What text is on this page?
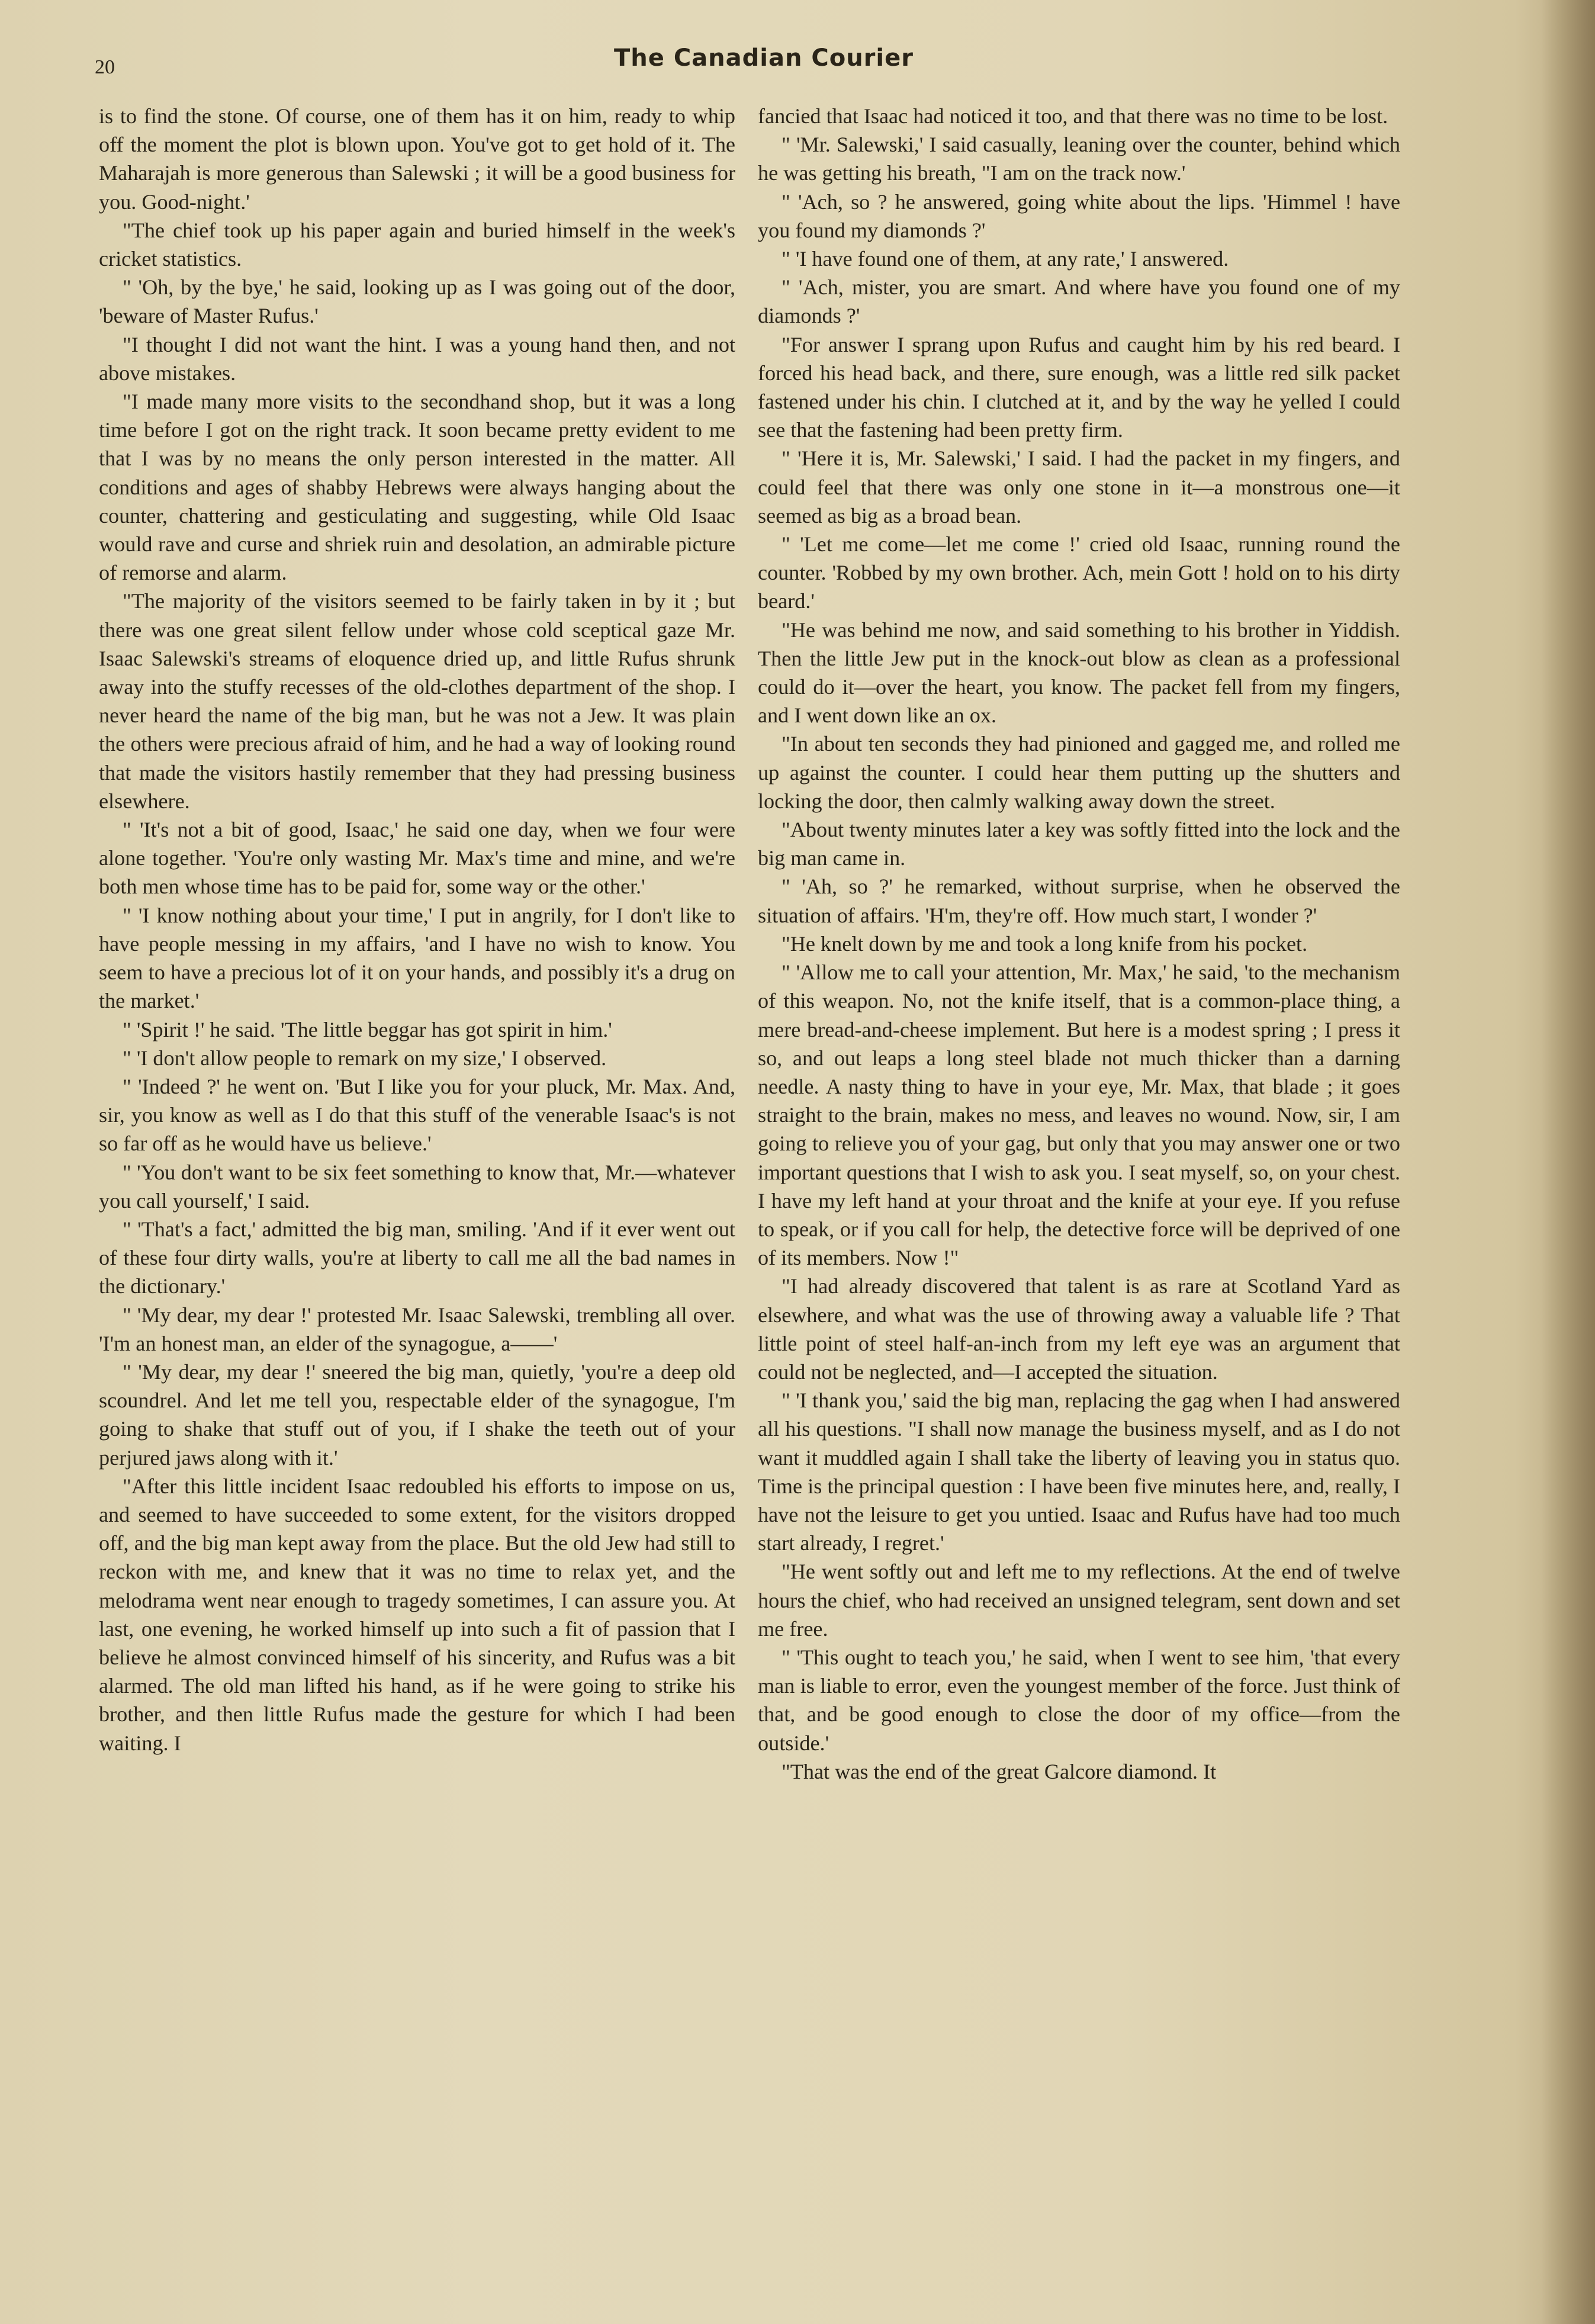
20	The Canadian Courier

is to find the stone. Of course, one of them has it on him, ready to whip off the moment the plot is blown upon. You've got to get hold of it. The Maharajah is more generous than Salewski ; it will be a good business for you. Good-night.'

"The chief took up his paper again and buried himself in the week's cricket statistics.

" 'Oh, by the bye,' he said, looking up as I was going out of the door, 'beware of Master Rufus.'

"I thought I did not want the hint. I was a young hand then, and not above mistakes.

"I made many more visits to the secondhand shop, but it was a long time before I got on the right track. It soon became pretty evident to me that I was by no means the only person interested in the matter. All conditions and ages of shabby Hebrews were always hanging about the counter, chattering and gesticulating and suggesting, while Old Isaac would rave and curse and shriek ruin and desolation, an admirable picture of remorse and alarm.

"The majority of the visitors seemed to be fairly taken in by it ; but there was one great silent fellow under whose cold sceptical gaze Mr. Isaac Salewski's streams of eloquence dried up, and little Rufus shrunk away into the stuffy recesses of the old-clothes department of the shop. I never heard the name of the big man, but he was not a Jew. It was plain the others were precious afraid of him, and he had a way of looking round that made the visitors hastily remember that they had pressing business elsewhere.

" 'It's not a bit of good, Isaac,' he said one day, when we four were alone together. 'You're only wasting Mr. Max's time and mine, and we're both men whose time has to be paid for, some way or the other.'

" 'I know nothing about your time,' I put in angrily, for I don't like to have people messing in my affairs, 'and I have no wish to know. You seem to have a precious lot of it on your hands, and possibly it's a drug on the market.'

" 'Spirit !' he said. 'The little beggar has got spirit in him.'

" 'I don't allow people to remark on my size,' I observed.

" 'Indeed ?' he went on. 'But I like you for your pluck, Mr. Max. And, sir, you know as well as I do that this stuff of the venerable Isaac's is not so far off as he would have us believe.'

" 'You don't want to be six feet something to know that, Mr.—whatever you call yourself,' I said.

" 'That's a fact,' admitted the big man, smiling. 'And if it ever went out of these four dirty walls, you're at liberty to call me all the bad names in the dictionary.'

" 'My dear, my dear !' protested Mr. Isaac Salewski, trembling all over. 'I'm an honest man, an elder of the synagogue, a——'

" 'My dear, my dear !' sneered the big man, quietly, 'you're a deep old scoundrel. And let me tell you, respectable elder of the synagogue, I'm going to shake that stuff out of you, if I shake the teeth out of your perjured jaws along with it.'

"After this little incident Isaac redoubled his efforts to impose on us, and seemed to have succeeded to some extent, for the visitors dropped off, and the big man kept away from the place. But the old Jew had still to reckon with me, and knew that it was no time to relax yet, and the melodrama went near enough to tragedy sometimes, I can assure you. At last, one evening, he worked himself up into such a fit of passion that I believe he almost convinced himself of his sincerity, and Rufus was a bit alarmed. The old man lifted his hand, as if he were going to strike his brother, and then little Rufus made the gesture for which I had been waiting. I

fancied that Isaac had noticed it too, and that there was no time to be lost.

" 'Mr. Salewski,' I said casually, leaning over the counter, behind which he was getting his breath, "I am on the track now.'

" 'Ach, so ? he answered, going white about the lips. 'Himmel ! have you found my diamonds ?'

" 'I have found one of them, at any rate,' I answered.

" 'Ach, mister, you are smart. And where have you found one of my diamonds ?'

"For answer I sprang upon Rufus and caught him by his red beard. I forced his head back, and there, sure enough, was a little red silk packet fastened under his chin. I clutched at it, and by the way he yelled I could see that the fastening had been pretty firm.

" 'Here it is, Mr. Salewski,' I said. I had the packet in my fingers, and could feel that there was only one stone in it—a monstrous one—it seemed as big as a broad bean.

" 'Let me come—let me come !' cried old Isaac, running round the counter. 'Robbed by my own brother. Ach, mein Gott ! hold on to his dirty beard.'

"He was behind me now, and said something to his brother in Yiddish. Then the little Jew put in the knock-out blow as clean as a professional could do it—over the heart, you know. The packet fell from my fingers, and I went down like an ox.

"In about ten seconds they had pinioned and gagged me, and rolled me up against the counter. I could hear them putting up the shutters and locking the door, then calmly walking away down the street.

"About twenty minutes later a key was softly fitted into the lock and the big man came in.

" 'Ah, so ?' he remarked, without surprise, when he observed the situation of affairs. 'H'm, they're off. How much start, I wonder ?'

"He knelt down by me and took a long knife from his pocket.

" 'Allow me to call your attention, Mr. Max,' he said, 'to the mechanism of this weapon. No, not the knife itself, that is a common-place thing, a mere bread-and-cheese implement. But here is a modest spring ; I press it so, and out leaps a long steel blade not much thicker than a darning needle. A nasty thing to have in your eye, Mr. Max, that blade ; it goes straight to the brain, makes no mess, and leaves no wound. Now, sir, I am going to relieve you of your gag, but only that you may answer one or two important questions that I wish to ask you. I seat myself, so, on your chest. I have my left hand at your throat and the knife at your eye. If you refuse to speak, or if you call for help, the detective force will be deprived of one of its members. Now !"

"I had already discovered that talent is as rare at Scotland Yard as elsewhere, and what was the use of throwing away a valuable life ? That little point of steel half-an-inch from my left eye was an argument that could not be neglected, and—I accepted the situation.

" 'I thank you,' said the big man, replacing the gag when I had answered all his questions. "I shall now manage the business myself, and as I do not want it muddled again I shall take the liberty of leaving you in status quo. Time is the principal question : I have been five minutes here, and, really, I have not the leisure to get you untied. Isaac and Rufus have had too much start already, I regret.'

"He went softly out and left me to my reflections. At the end of twelve hours the chief, who had received an unsigned telegram, sent down and set me free.

" 'This ought to teach you,' he said, when I went to see him, 'that every man is liable to error, even the youngest member of the force. Just think of that, and be good enough to close the door of my office—from the outside.'

"That was the end of the great Galcore diamond. It
